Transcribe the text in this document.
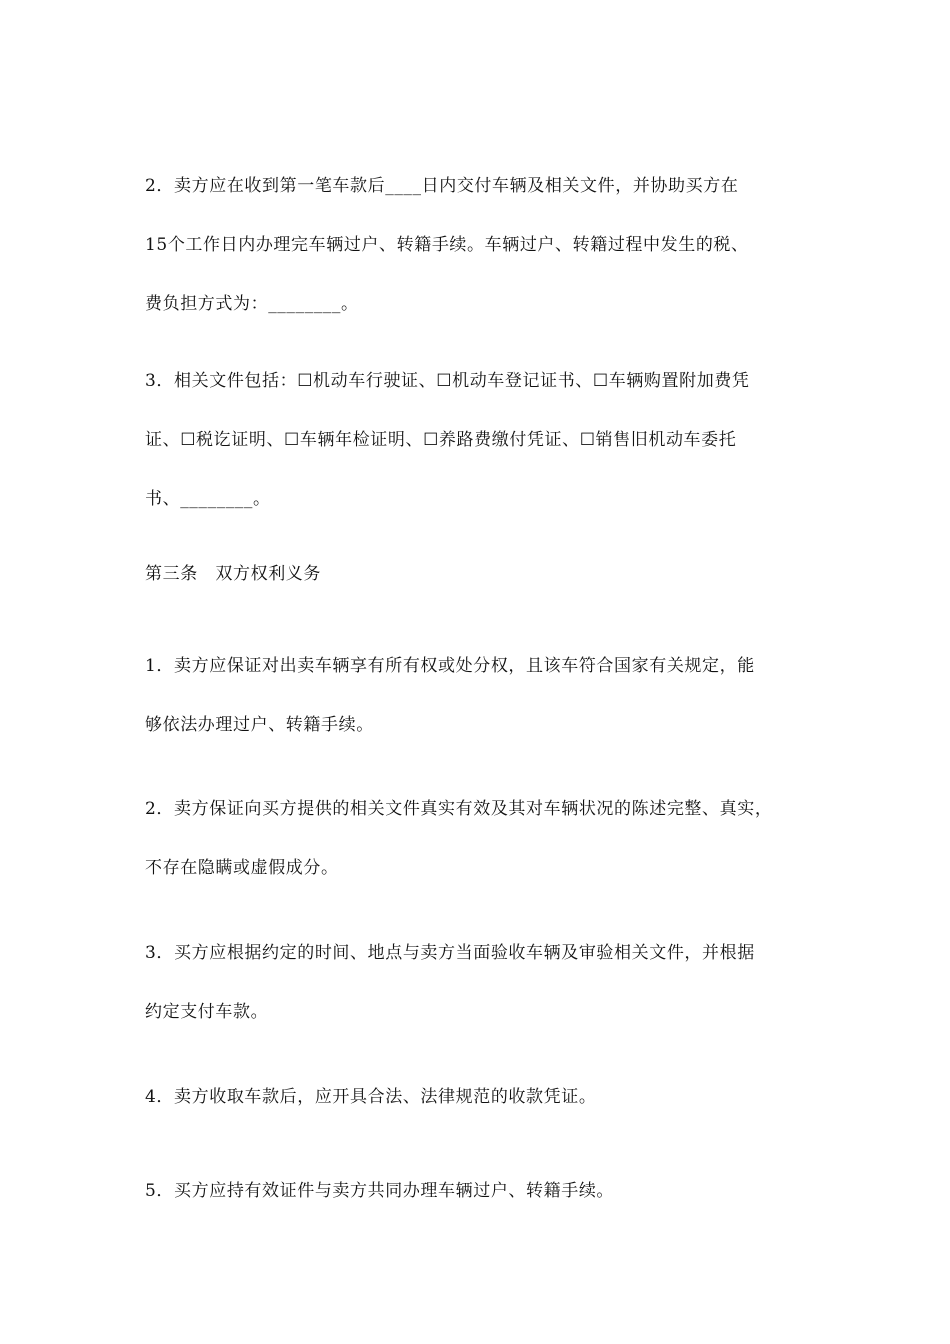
2．卖方应在收到第一笔车款后____日内交付车辆及相关文件，并协助买方在
15个工作日内办理完车辆过户、转籍手续。车辆过户、转籍过程中发生的税、
费负担方式为：________。
3．相关文件包括：☐机动车行驶证、☐机动车登记证书、☐车辆购置附加费凭
证、☐税讫证明、☐车辆年检证明、☐养路费缴付凭证、☐销售旧机动车委托
书、________。
第三条　双方权利义务
1．卖方应保证对出卖车辆享有所有权或处分权，且该车符合国家有关规定，能
够依法办理过户、转籍手续。
2．卖方保证向买方提供的相关文件真实有效及其对车辆状况的陈述完整、真实，
不存在隐瞒或虚假成分。
3．买方应根据约定的时间、地点与卖方当面验收车辆及审验相关文件，并根据
约定支付车款。
4．卖方收取车款后，应开具合法、法律规范的收款凭证。
5．买方应持有效证件与卖方共同办理车辆过户、转籍手续。
